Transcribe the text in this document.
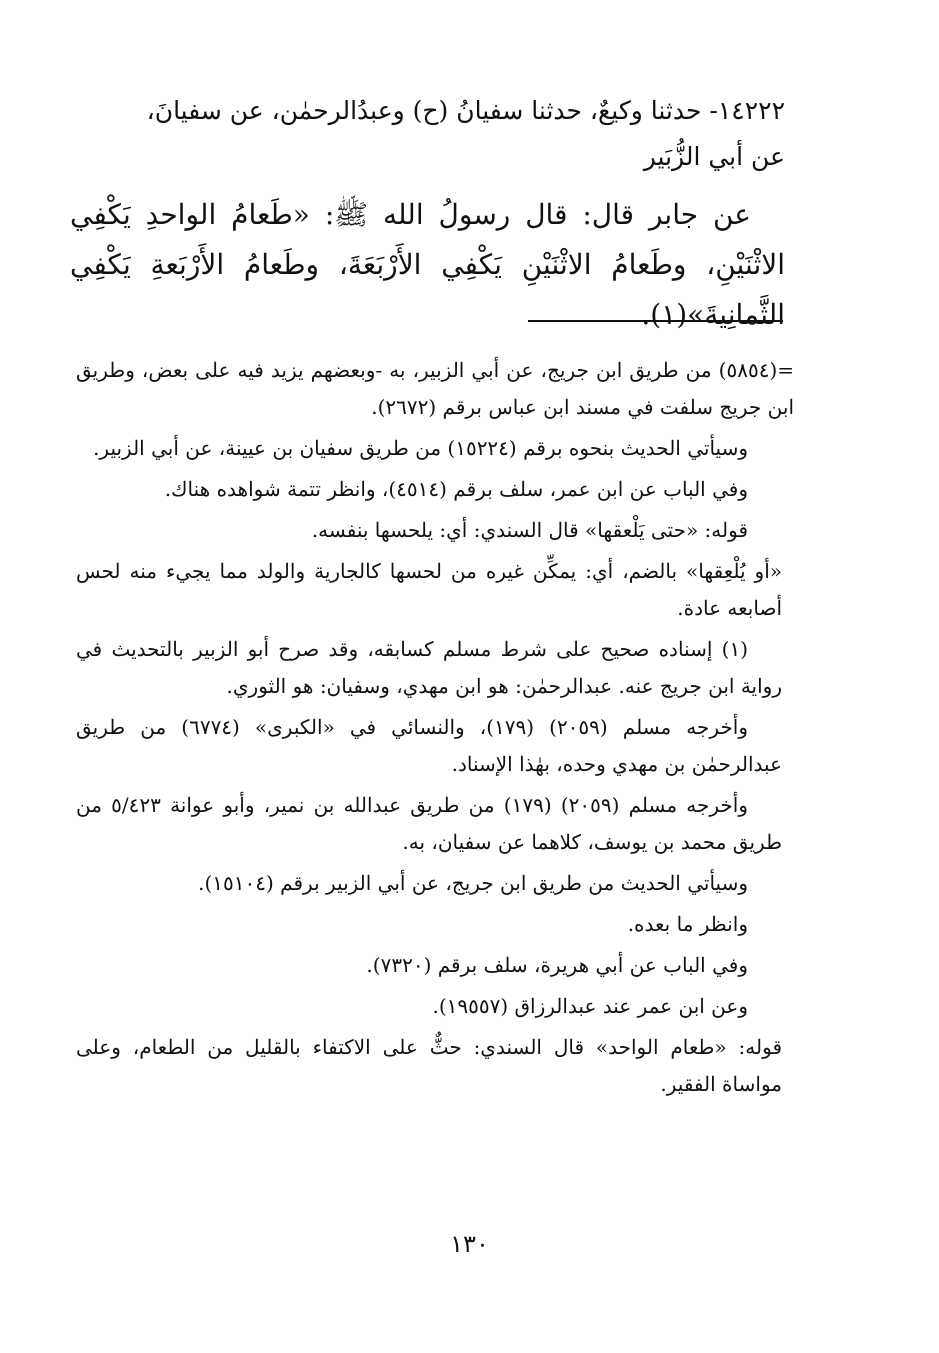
١٤٢٢٢- حدثنا وكيعٌ، حدثنا سفيانُ (ح) وعبدُالرحمٰن، عن سفيانَ،

عن أبي الزُّبَير

عن جابر قال: قال رسولُ الله ﷺ: «طَعامُ الواحدِ يَكْفِي الاثْنَيْنِ، وطَعامُ الاثْنَيْنِ يَكْفِي الأَرْبَعَةَ، وطَعامُ الأَرْبَعةِ يَكْفِي الثَّمانِيةَ»(١).

=(٥٨٥٤) من طريق ابن جريج، عن أبي الزبير، به -وبعضهم يزيد فيه على بعض، وطريق ابن جريج سلفت في مسند ابن عباس برقم (٢٦٧٢).

وسيأتي الحديث بنحوه برقم (١٥٢٢٤) من طريق سفيان بن عيينة، عن أبي الزبير.

وفي الباب عن ابن عمر، سلف برقم (٤٥١٤)، وانظر تتمة شواهده هناك.

قوله: «حتى يَلْعقها» قال السندي: أي: يلحسها بنفسه.

«أو يُلْعِقها» بالضم، أي: يمكِّن غيره من لحسها كالجارية والولد مما يجيء منه لحس أصابعه عادة.

(١) إسناده صحيح على شرط مسلم كسابقه، وقد صرح أبو الزبير بالتحديث في رواية ابن جريج عنه. عبدالرحمٰن: هو ابن مهدي، وسفيان: هو الثوري.

وأخرجه مسلم (٢٠٥٩) (١٧٩)، والنسائي في «الكبرى» (٦٧٧٤) من طريق عبدالرحمٰن بن مهدي وحده، بهٰذا الإسناد.

وأخرجه مسلم (٢٠٥٩) (١٧٩) من طريق عبدالله بن نمير، وأبو عوانة ٥/٤٢٣ من طريق محمد بن يوسف، كلاهما عن سفيان، به.

وسيأتي الحديث من طريق ابن جريج، عن أبي الزبير برقم (١٥١٠٤).

وانظر ما بعده.

وفي الباب عن أبي هريرة، سلف برقم (٧٣٢٠).

وعن ابن عمر عند عبدالرزاق (١٩٥٥٧).

قوله: «طعام الواحد» قال السندي: حثٌّ على الاكتفاء بالقليل من الطعام، وعلى مواساة الفقير.

١٣٠
